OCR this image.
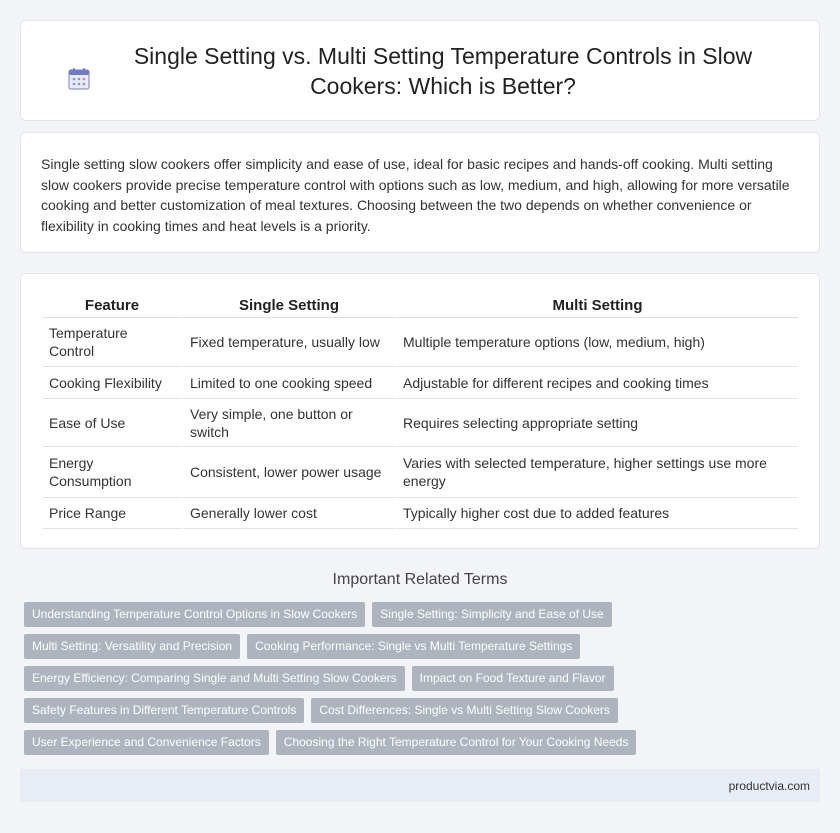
Single Setting vs. Multi Setting Temperature Controls in Slow Cookers: Which is Better?

Single setting slow cookers offer simplicity and ease of use, ideal for basic recipes and hands-off cooking. Multi setting slow cookers provide precise temperature control with options such as low, medium, and high, allowing for more versatile cooking and better customization of meal textures. Choosing between the two depends on whether convenience or flexibility in cooking times and heat levels is a priority.

Feature	Single Setting	Multi Setting
Temperature Control	Fixed temperature, usually low	Multiple temperature options (low, medium, high)
Cooking Flexibility	Limited to one cooking speed	Adjustable for different recipes and cooking times
Ease of Use	Very simple, one button or switch	Requires selecting appropriate setting
Energy Consumption	Consistent, lower power usage	Varies with selected temperature, higher settings use more energy
Price Range	Generally lower cost	Typically higher cost due to added features
Important Related Terms
Understanding Temperature Control Options in Slow Cookers	Single Setting: Simplicity and Ease of Use
Multi Setting: Versatility and Precision	Cooking Performance: Single vs Multi Temperature Settings
Energy Efficiency: Comparing Single and Multi Setting Slow Cookers	Impact on Food Texture and Flavor
Safety Features in Different Temperature Controls	Cost Differences: Single vs Multi Setting Slow Cookers
User Experience and Convenience Factors	Choosing the Right Temperature Control for Your Cooking Needs
productvia.com
